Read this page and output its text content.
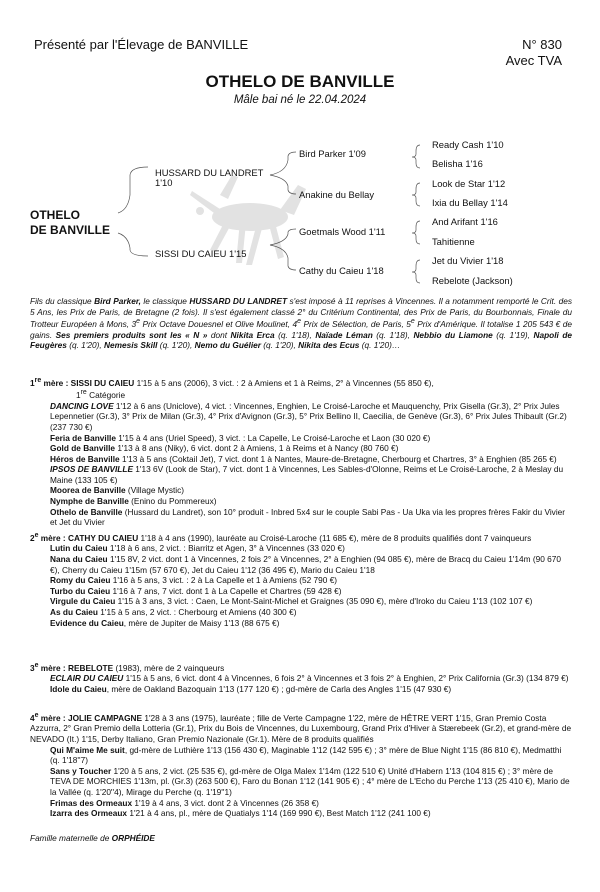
Présenté par l'Élevage de BANVILLE	N° 830
Avec TVA
OTHELO DE BANVILLE
Mâle bai né le 22.04.2024
OTHELO
DE BANVILLE
HUSSARD DU LANDRET
1'10
SISSI DU CAIEU 1'15
Bird Parker 1'09
Anakine du Bellay
Goetmals Wood 1'11
Cathy du Caieu 1'18
Ready Cash 1'10
Belisha 1'16
Look de Star 1'12
Ixia du Bellay 1'14
And Arifant 1'16
Tahitienne
Jet du Vivier 1'18
Rebelote (Jackson)
Fils du classique Bird Parker, le classique HUSSARD DU LANDRET s'est imposé à 11 reprises à Vincennes. Il a notamment remporté le Crit. des 5 Ans, les Prix de Paris, de Bretagne (2 fois). Il s'est également classé 2° du Critérium Continental, des Prix de Paris, du Bourbonnais, Finale du Trotteur Européen à Mons, 3e Prix Octave Douesnel et Olive Moulinet, 4e Prix de Sélection, de Paris, 5e Prix d'Amérique. Il totalise 1 205 543 € de gains. Ses premiers produits sont les « N » dont Nikita Erca (q. 1'18), Naïade Léman (q. 1'18), Nebbio du Liamone (q. 1'19), Napoli de Feugères (q. 1'20), Nemesis Skill (q. 1'20), Nemo du Guélier (q. 1'20), Nikita des Ecus (q. 1'20)…
1re mère : SISSI DU CAIEU 1'15 à 5 ans (2006), 3 vict. : 2 à Amiens et 1 à Reims, 2° à Vincennes (55 850 €),
1re Catégorie
DANCING LOVE 1'12 à 6 ans (Uniclove), 4 vict. : Vincennes, Enghien, Le Croisé-Laroche et Mauquenchy, Prix Gisella (Gr.3), 2° Prix Jules Lepennetier (Gr.3), 3° Prix de Milan (Gr.3), 4° Prix d'Avignon (Gr.3), 5° Prix Bellino II, Caecilia, de Genève (Gr.3), 6° Prix Jules Thibault (Gr.2) (237 730 €)
Feria de Banville 1'15 à 4 ans (Uriel Speed), 3 vict. : La Capelle, Le Croisé-Laroche et Laon (30 020 €)
Gold de Banville 1'13 à 8 ans (Niky), 6 vict. dont 2 à Amiens, 1 à Reims et à Nancy (80 760 €)
Héros de Banville 1'13 à 5 ans (Coktail Jet), 7 vict. dont 1 à Nantes, Maure-de-Bretagne, Cherbourg et Chartres, 3° à Enghien (85 265 €)
IPSOS DE BANVILLE 1'13 6V (Look de Star), 7 vict. dont 1 à Vincennes, Les Sables-d'Olonne, Reims et Le Croisé-Laroche, 2 à Meslay du Maine (133 105 €)
Moorea de Banville (Village Mystic)
Nymphe de Banville (Enino du Pommereux)
Othelo de Banville (Hussard du Landret), son 10° produit - Inbred 5x4 sur le couple Sabi Pas - Ua Uka via les propres frères Fakir du Vivier et Jet du Vivier
2e mère : CATHY DU CAIEU 1'18 à 4 ans (1990), lauréate au Croisé-Laroche (11 685 €), mère de 8 produits qualifiés dont 7 vainqueurs
Lutin du Caieu 1'18 à 6 ans, 2 vict. : Biarritz et Agen, 3° à Vincennes (33 020 €)
Nana du Caieu 1'15 8V, 2 vict. dont 1 à Vincennes, 2 fois 2° à Vincennes, 2° à Enghien (94 085 €), mère de Bracq du Caieu 1'14m (90 670 €), Cherry du Caieu 1'15m (57 670 €), Jet du Caieu 1'12 (36 495 €), Mario du Caieu 1'18
Romy du Caieu 1'16 à 5 ans, 3 vict. : 2 à La Capelle et 1 à Amiens (52 790 €)
Turbo du Caieu 1'16 à 7 ans, 7 vict. dont 1 à La Capelle et Chartres (59 428 €)
Virgule du Caieu 1'15 à 3 ans, 3 vict. : Caen, Le Mont-Saint-Michel et Graignes (35 090 €), mère d'Iroko du Caieu 1'13 (102 107 €)
As du Caieu 1'15 à 5 ans, 2 vict. : Cherbourg et Amiens (40 300 €)
Evidence du Caieu, mère de Jupiter de Maisy 1'13 (88 675 €)
3e mère : REBELOTE (1983), mère de 2 vainqueurs
ECLAIR DU CAIEU 1'15 à 5 ans, 6 vict. dont 4 à Vincennes, 6 fois 2° à Vincennes et 3 fois 2° à Enghien, 2° Prix California (Gr.3) (134 879 €)
Idole du Caieu, mère de Oakland Bazoquain 1'13 (177 120 €) ; gd-mère de Carla des Angles 1'15 (47 930 €)
4e mère : JOLIE CAMPAGNE 1'28 à 3 ans (1975), lauréate ; fille de Verte Campagne 1'22, mère de HÊTRE VERT 1'15, Gran Premio Costa Azzurra, 2° Gran Premio della Lotteria (Gr.1), Prix du Bois de Vincennes, du Luxembourg, Grand Prix d'Hiver à Stærebeek (Gr.2), et grand-mère de NEVADO (It.) 1'15, Derby Italiano, Gran Premio Nazionale (Gr.1). Mère de 8 produits qualifiés
Qui M'aime Me suit, gd-mère de Luthière 1'13 (156 430 €), Maginable 1'12 (142 595 €) ; 3° mère de Blue Night 1'15 (86 810 €), Medmatthi (q. 1'18''7)
Sans y Toucher 1'20 à 5 ans, 2 vict. (25 535 €), gd-mère de Olga Malex 1'14m (122 510 €) Unité d'Habern 1'13 (104 815 €) ; 3° mère de TEVA DE MORCHIES 1'13m, pl. (Gr.3) (263 500 €), Faro du Bonan 1'12 (141 905 €) ; 4° mère de L'Echo du Perche 1'13 (25 410 €), Mario de la Vallée (q. 1'20''4), Mirage du Perche (q. 1'19''1)
Frimas des Ormeaux 1'19 à 4 ans, 3 vict. dont 2 à Vincennes (26 358 €)
Izarra des Ormeaux 1'21 à 4 ans, pl., mère de Quatialys 1'14 (169 990 €), Best Match 1'12 (241 100 €)
Famille maternelle de ORPHÉIDE
